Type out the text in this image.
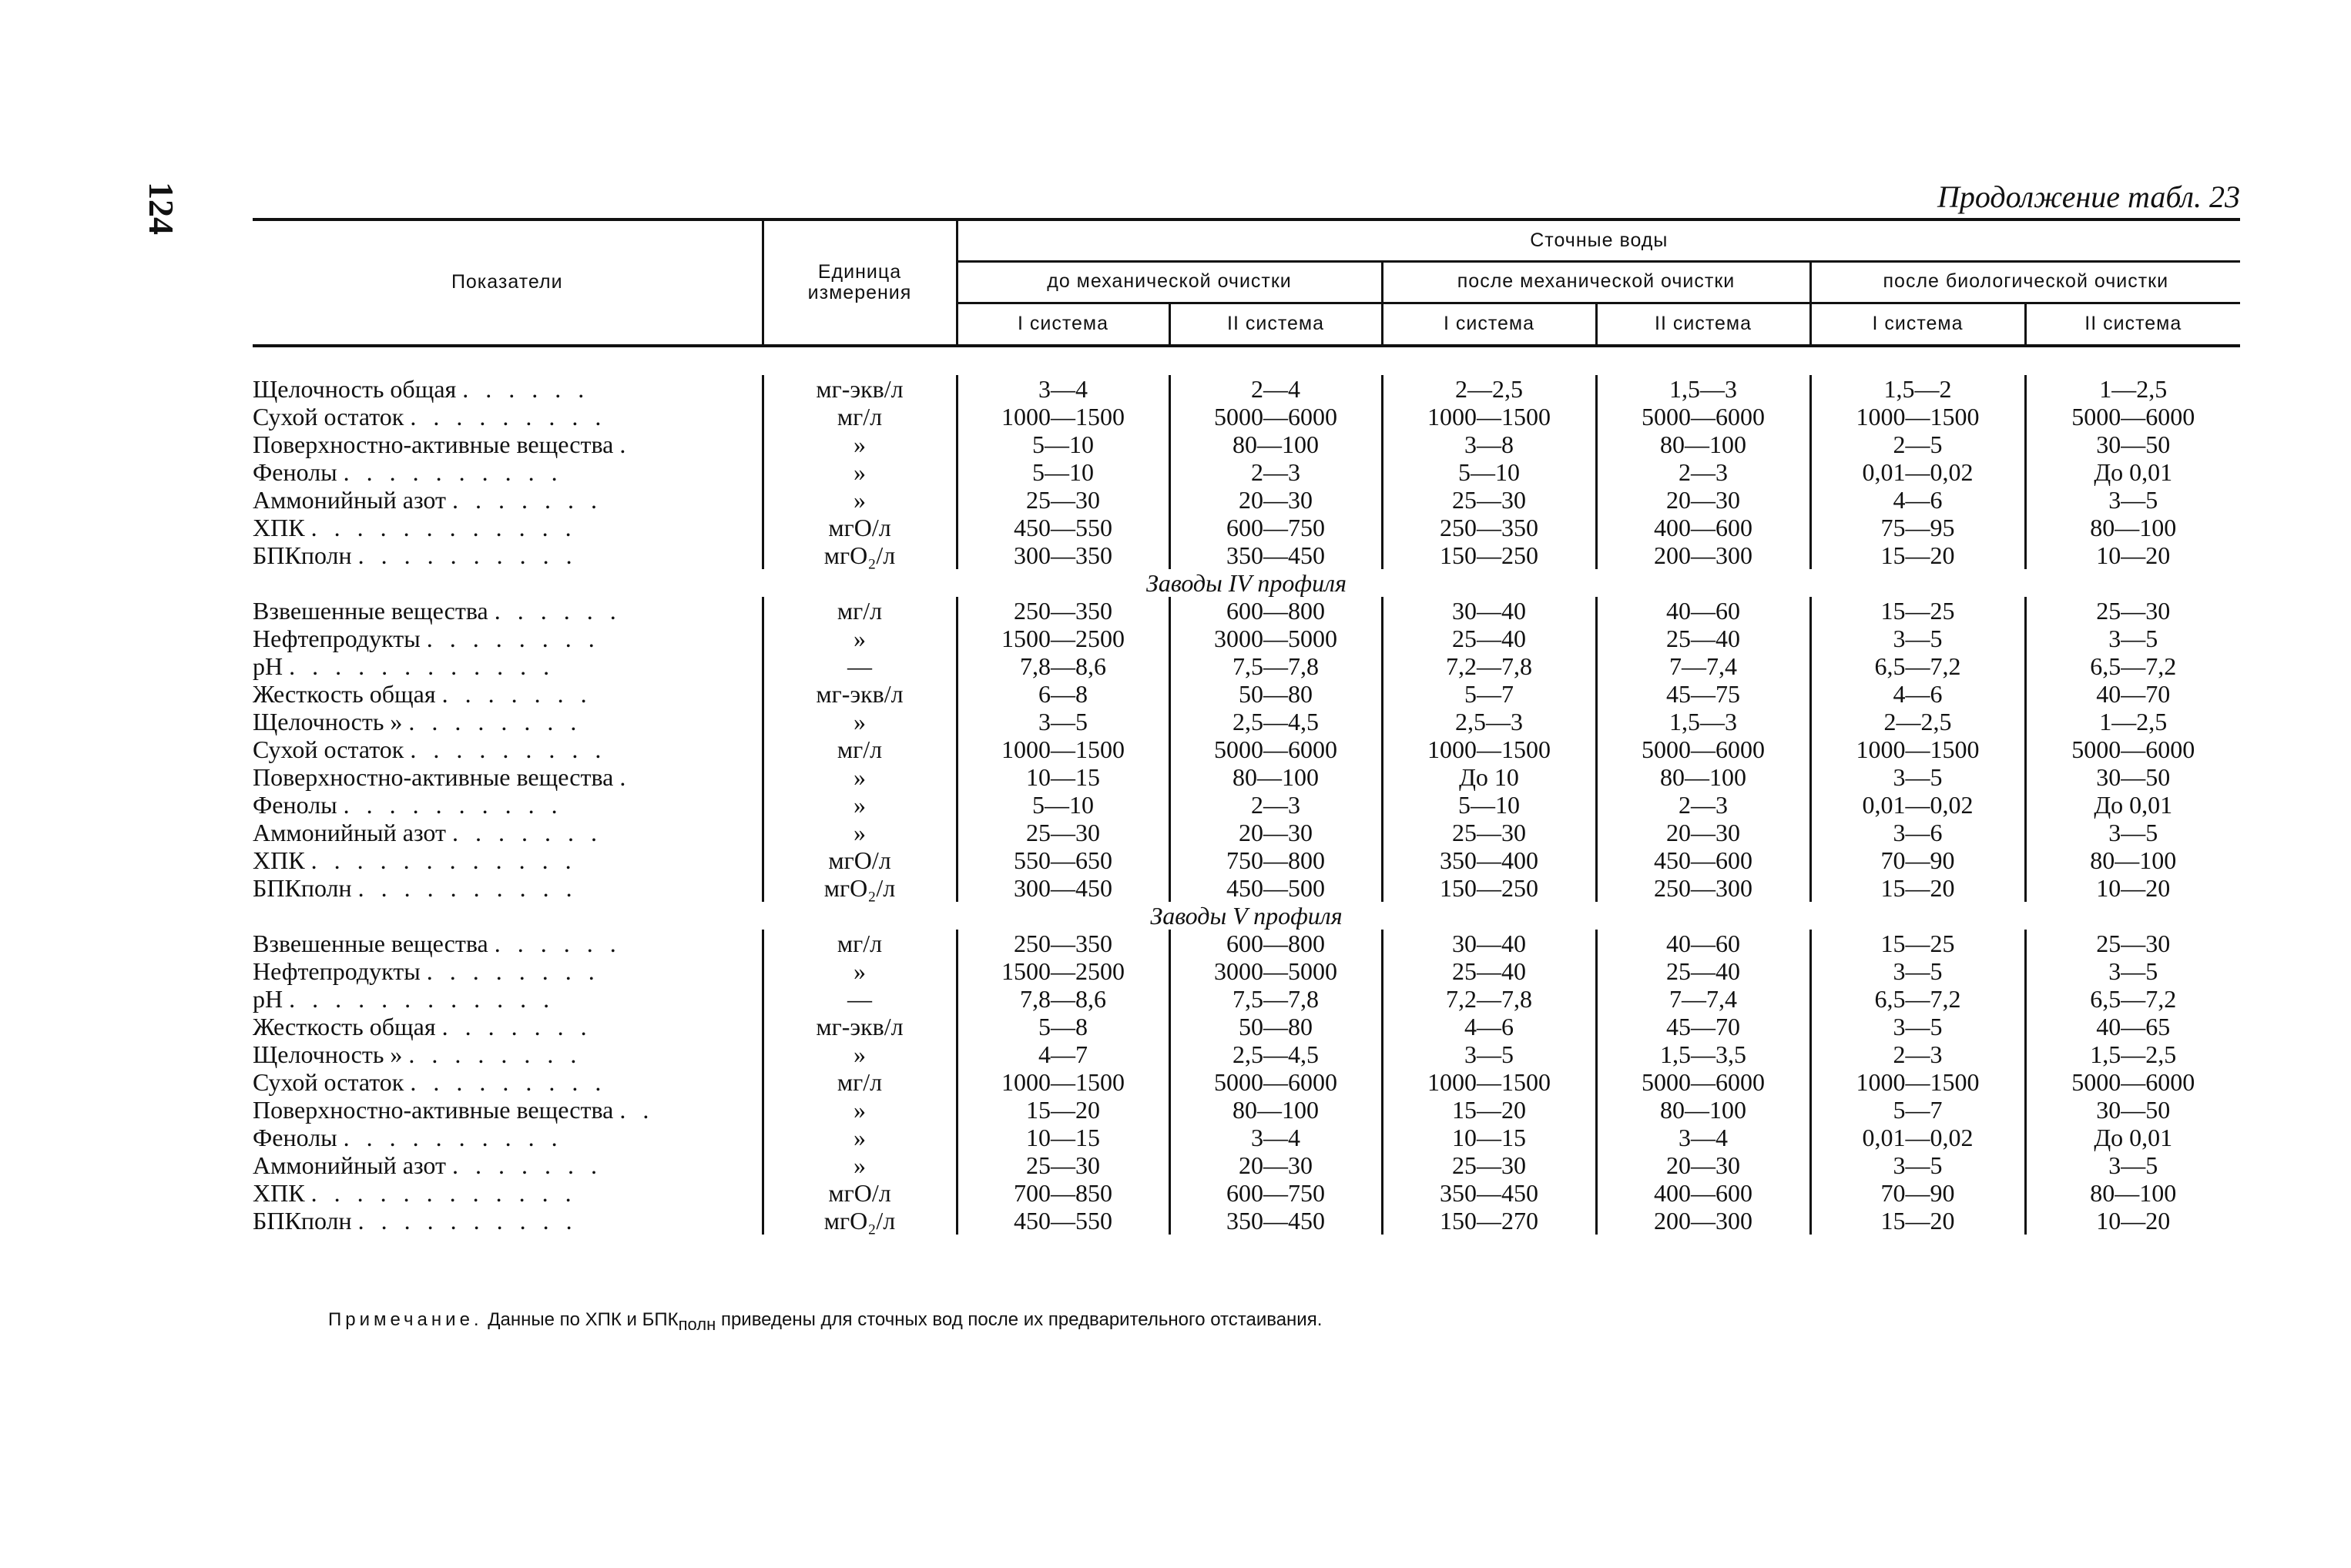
124	Продолжение табл. 23
Показатели	Единица измерения	Сточные воды					
		до механической очистки		после механической очистки		после биологической очистки	
		I система	II система	I система	II система	I система	II система

Щелочность общая . . . . . .	мг-экв/л	3—4	2—4	2—2,5	1,5—3	1,5—2	1—2,5
Сухой остаток . . . . . . . . .	мг/л	1000—1500	5000—6000	1000—1500	5000—6000	1000—1500	5000—6000
Поверхностно-активные вещества .	»	5—10	80—100	3—8	80—100	2—5	30—50
Фенолы . . . . . . . . . .	»	5—10	2—3	5—10	2—3	0,01—0,02	До 0,01
Аммонийный азот . . . . . . .	»	25—30	20—30	25—30	20—30	4—6	3—5
ХПК . . . . . . . . . . . .	мгО/л	450—550	600—750	250—350	400—600	75—95	80—100
БПКполн . . . . . . . . . .	мгO₂/л	300—350	350—450	150—250	200—300	15—20	10—20
Заводы IV профиля							
Взвешенные вещества . . . . . .	мг/л	250—350	600—800	30—40	40—60	15—25	25—30
Нефтепродукты . . . . . . . .	»	1500—2500	3000—5000	25—40	25—40	3—5	3—5
рН . . . . . . . . . . . .	—	7,8—8,6	7,5—7,8	7,2—7,8	7—7,4	6,5—7,2	6,5—7,2
Жесткость общая . . . . . . .	мг-экв/л	6—8	50—80	5—7	45—75	4—6	40—70
Щелочность » . . . . . . . .	»	3—5	2,5—4,5	2,5—3	1,5—3	2—2,5	1—2,5
Сухой остаток . . . . . . . . .	мг/л	1000—1500	5000—6000	1000—1500	5000—6000	1000—1500	5000—6000
Поверхностно-активные вещества .	»	10—15	80—100	До 10	80—100	3—5	30—50
Фенолы . . . . . . . . . .	»	5—10	2—3	5—10	2—3	0,01—0,02	До 0,01
Аммонийный азот . . . . . . .	»	25—30	20—30	25—30	20—30	3—6	3—5
ХПК . . . . . . . . . . . .	мгО/л	550—650	750—800	350—400	450—600	70—90	80—100
БПКполн . . . . . . . . . .	мгO₂/л	300—450	450—500	150—250	250—300	15—20	10—20
Заводы V профиля							
Взвешенные вещества . . . . . .	мг/л	250—350	600—800	30—40	40—60	15—25	25—30
Нефтепродукты . . . . . . . .	»	1500—2500	3000—5000	25—40	25—40	3—5	3—5
рН . . . . . . . . . . . .	—	7,8—8,6	7,5—7,8	7,2—7,8	7—7,4	6,5—7,2	6,5—7,2
Жесткость общая . . . . . . .	мг-экв/л	5—8	50—80	4—6	45—70	3—5	40—65
Щелочность » . . . . . . . .	»	4—7	2,5—4,5	3—5	1,5—3,5	2—3	1,5—2,5
Сухой остаток . . . . . . . . .	мг/л	1000—1500	5000—6000	1000—1500	5000—6000	1000—1500	5000—6000
Поверхностно-активные вещества . .	»	15—20	80—100	15—20	80—100	5—7	30—50
Фенолы . . . . . . . . . .	»	10—15	3—4	10—15	3—4	0,01—0,02	До 0,01
Аммонийный азот . . . . . . .	»	25—30	20—30	25—30	20—30	3—5	3—5
ХПК . . . . . . . . . . . .	мгО/л	700—850	600—750	350—450	400—600	70—90	80—100
БПКполн . . . . . . . . . .	мгO₂/л	450—550	350—450	150—270	200—300	15—20	10—20
Примечание. Данные по ХПК и $БПК_{полн}$ приведены для сточных вод после их предварительного отстаивания.
